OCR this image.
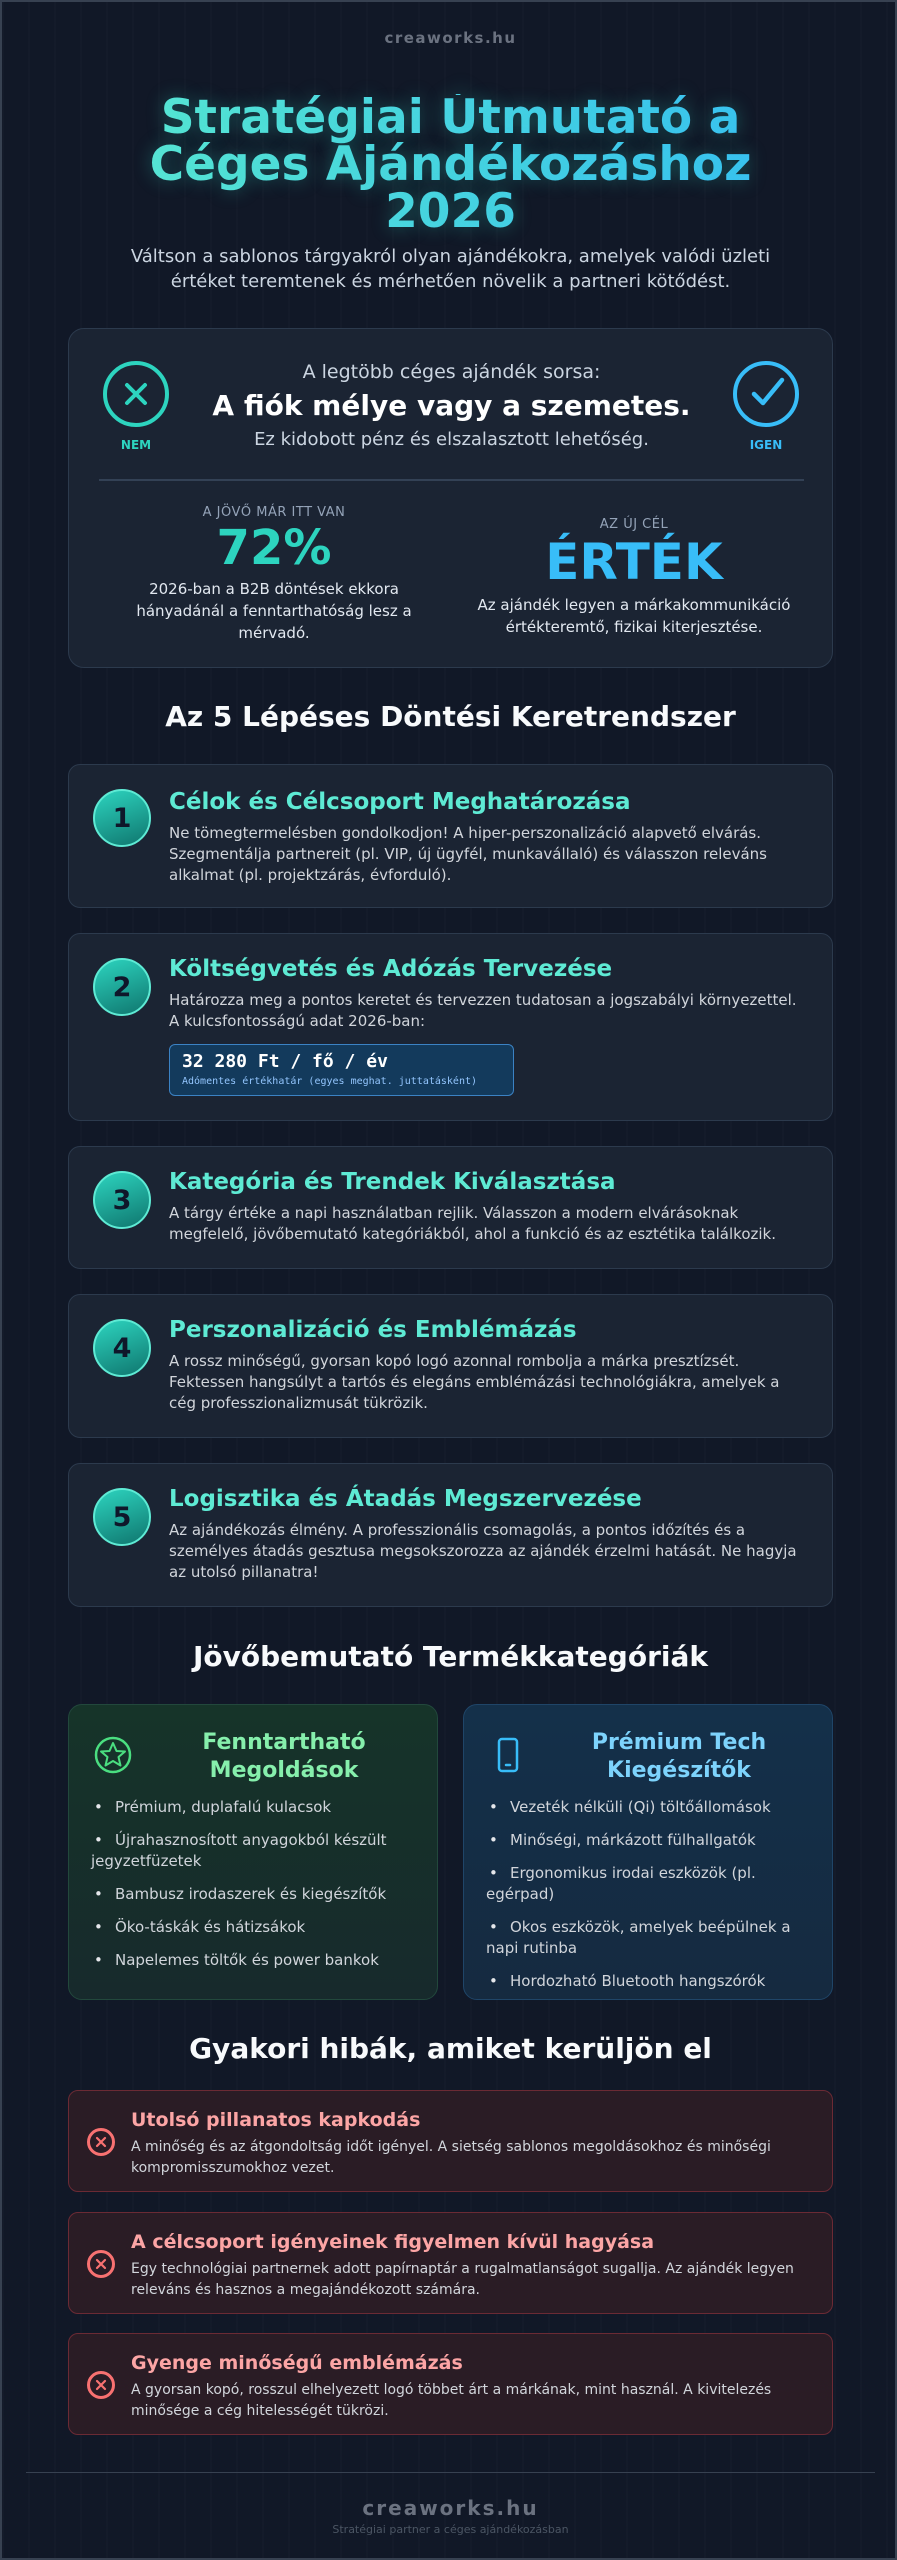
creaworks.hu
Stratégiai Útmutató a
Céges Ajándékozáshoz
2026

Váltson a sablonos tárgyakról olyan ajándékokra, amelyek valódi üzleti értéket teremtenek és mérhetően növelik a partneri kötődést.

NEM	IGEN
A legtöbb céges ajándék sorsa:
A fiók mélye vagy a szemetes.
Ez kidobott pénz és elszalasztott lehetőség.
A JÖVŐ MÁR ITT VAN
72%
2026-ban a B2B döntések ekkora hányadánál a fenntarthatóság lesz a mérvadó.
AZ ÚJ CÉL
ÉRTÉK
Az ajándék legyen a márkakommunikáció értékteremtő, fizikai kiterjesztése.
Az 5 Lépéses Döntési Keretrendszer
1
Célok és Célcsoport Meghatározása
Ne tömegtermelésben gondolkodjon! A hiper-perszonalizáció alapvető elvárás. Szegmentálja partnereit (pl. VIP, új ügyfél, munkavállaló) és válasszon releváns alkalmat (pl. projektzárás, évforduló).
2
Költségvetés és Adózás Tervezése
Határozza meg a pontos keretet és tervezzen tudatosan a jogszabályi környezettel. A kulcsfontosságú adat 2026-ban:
32 280 Ft / fő / év
Adómentes értékhatár (egyes meghat. juttatásként)
3
Kategória és Trendek Kiválasztása
A tárgy értéke a napi használatban rejlik. Válasszon a modern elvárásoknak megfelelő, jövőbemutató kategóriákból, ahol a funkció és az esztétika találkozik.
4
Perszonalizáció és Emblémázás
A rossz minőségű, gyorsan kopó logó azonnal rombolja a márka presztízsét. Fektessen hangsúlyt a tartós és elegáns emblémázási technológiákra, amelyek a cég professzionalizmusát tükrözik.
5
Logisztika és Átadás Megszervezése
Az ajándékozás élmény. A professzionális csomagolás, a pontos időzítés és a személyes átadás gesztusa megsokszorozza az ajándék érzelmi hatását. Ne hagyja az utolsó pillanatra!
Jövőbemutató Termékkategóriák
Fenntartható Megoldások
• Prémium, duplafalú kulacsok
• Újrahasznosított anyagokból készült jegyzetfüzetek
• Bambusz irodaszerek és kiegészítők
• Öko-táskák és hátizsákok
• Napelemes töltők és power bankok
Prémium Tech Kiegészítők
• Vezeték nélküli (Qi) töltőállomások
• Minőségi, márkázott fülhallgatók
• Ergonomikus irodai eszközök (pl. egérpad)
• Okos eszközök, amelyek beépülnek a napi rutinba
• Hordozható Bluetooth hangszórók
Gyakori hibák, amiket kerüljön el
Utolsó pillanatos kapkodás
A minőség és az átgondoltság időt igényel. A sietség sablonos megoldásokhoz és minőségi kompromisszumokhoz vezet.
A célcsoport igényeinek figyelmen kívül hagyása
Egy technológiai partnernek adott papírnaptár a rugalmatlanságot sugallja. Az ajándék legyen releváns és hasznos a megajándékozott számára.
Gyenge minőségű emblémázás
A gyorsan kopó, rosszul elhelyezett logó többet árt a márkának, mint használ. A kivitelezés minősége a cég hitelességét tükrözi.
creaworks.hu
Stratégiai partner a céges ajándékozásban
